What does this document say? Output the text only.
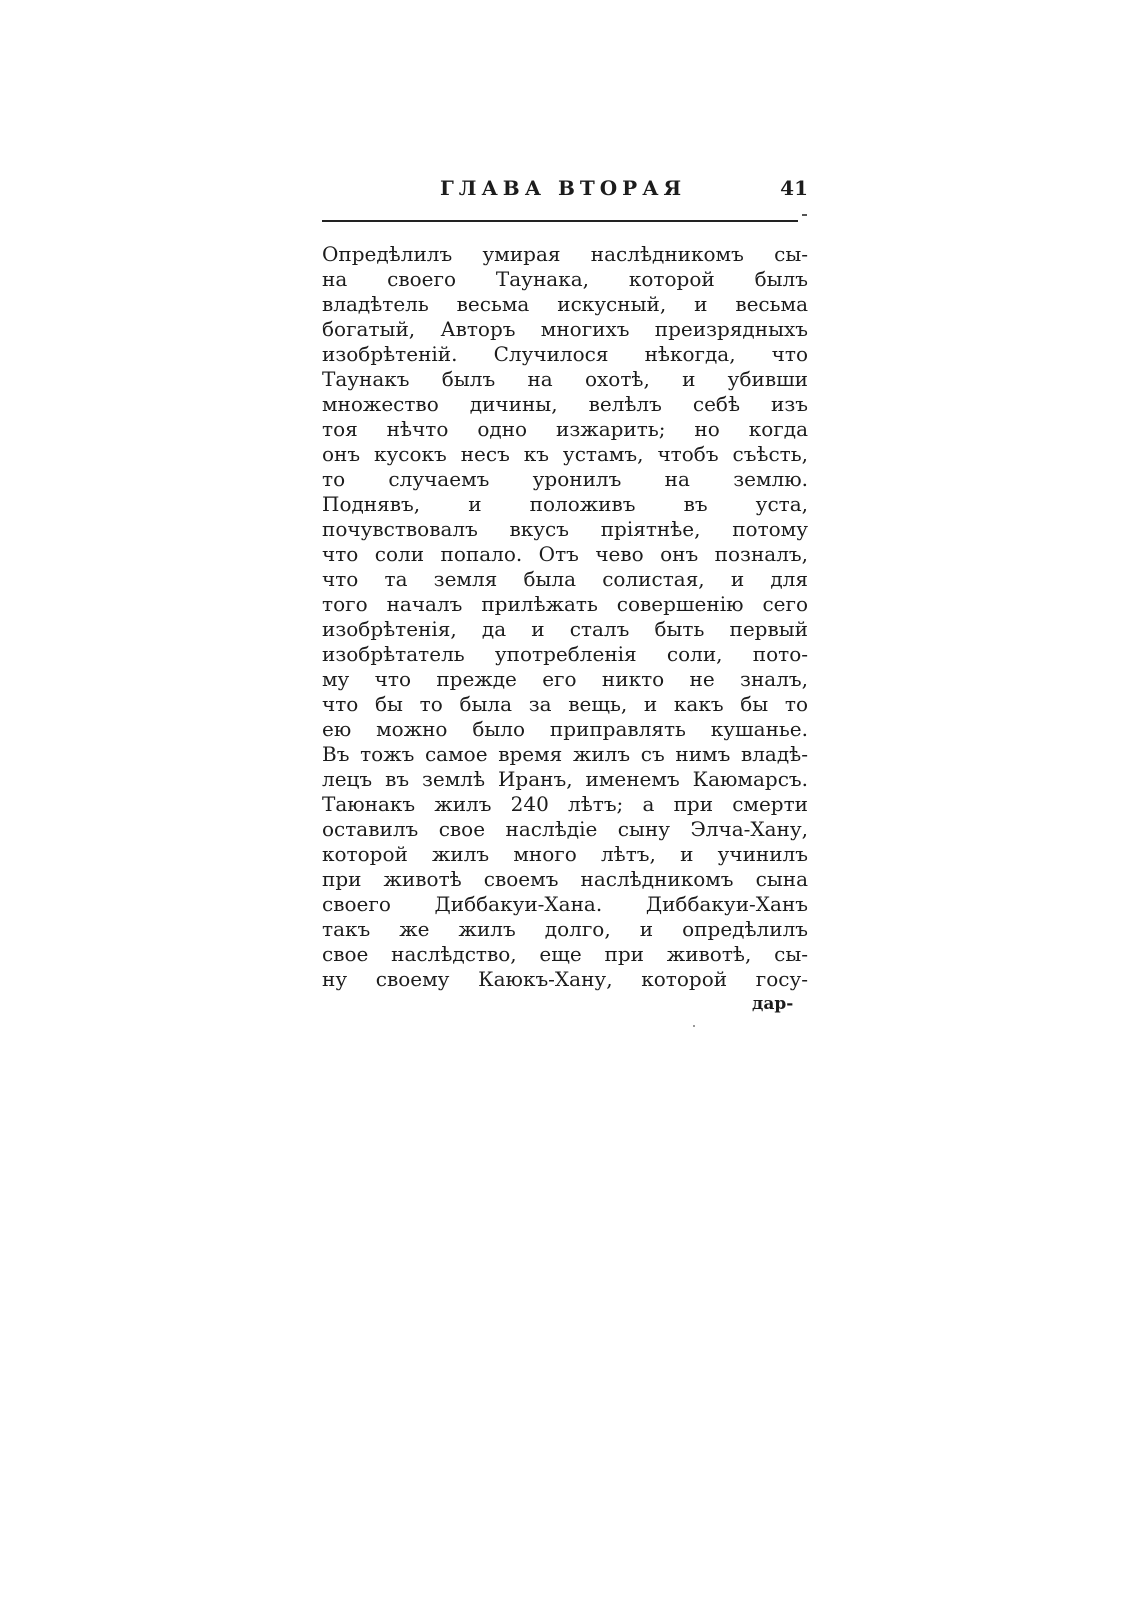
ГЛАВА ВТОРАЯ	41
Опредѣлилъ умирая наслѣдникомъ сы-
на своего Таунака, которой былъ
владѣтель весьма искусный, и весьма
богатый, Авторъ многихъ преизрядныхъ
изобрѣтеній. Случилося нѣкогда, что
Таунакъ былъ на охотѣ, и убивши
множество дичины, велѣлъ себѣ изъ
тоя нѣчто одно изжарить; но когда
онъ кусокъ несъ къ устамъ, чтобъ съѣсть,
то случаемъ уронилъ на землю.
Поднявъ, и положивъ въ уста,
почувствовалъ вкусъ пріятнѣе, потому
что соли попало. Отъ чево онъ позналъ,
что та земля была солистая, и для
того началъ прилѣжать совершенію сего
изобрѣтенія, да и сталъ быть первый
изобрѣтатель употребленія соли, пото-
му что прежде его никто не зналъ,
что бы то была за вещь, и какъ бы то
ею можно было приправлять кушанье.
Въ тожъ самое время жилъ съ нимъ владѣ-
лецъ въ землѣ Иранъ, именемъ Каюмарсъ.
Таюнакъ жилъ 240 лѣтъ; а при смерти
оставилъ свое наслѣдіе сыну Элча-Хану,
которой жилъ много лѣтъ, и учинилъ
при животѣ своемъ наслѣдникомъ сына
своего Диббакуи-Хана. Диббакуи-Ханъ
такъ же жилъ долго, и опредѣлилъ
свое наслѣдство, еще при животѣ, сы-
ну своему Каюкъ-Хану, которой госу-
дар-
